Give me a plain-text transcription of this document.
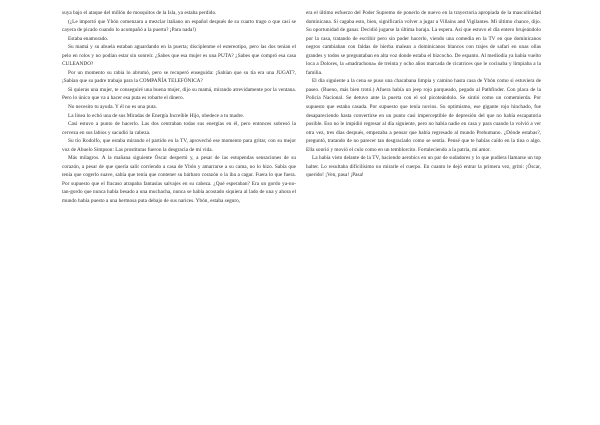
suya bajo el ataque del millón de mosquitos de la Isla, ya estaba perdido.

(¿Le importó que Ybón comenzara a mezclar italiano un español después de su cuarto trago o que casi se cayera de picado cuando lo acompañó a la puerta? ¡Para nada!)

Estaba enamorado.

Su mamá y su abuela estaban aguardando en la puerta; disciplenme el estereotipo, pero las dos tenían el pelo en rolos y no podían estar sin sonreír. ¿Sabes que esa mujer es una PUTA? ¿Sabes que compró esa casa CULEANDO?

Por un momento su rabia lo abrumó, pero se recuperó enseguida: ¡Sabían que su tía era una JUGAT?, ¡Sabían que su padre trabajo para la COMPAÑÍA TELEFÓNICA?

Si quieras una mujer, te conseguiré una buena mujer, dijo su mamá, mirando atrevidamente por la ventana. Pero lo único que va a hacer esa puta es robarte el dinero.

No necesito tu ayuda. Y él no es una puta.

La línea lo echó una de sus Miradas de Energía Increíble Hijo, obedece a tu madre.

Casi estuvo a punto de hacerlo. Las dos centraban todas sus energías en él, pero entonces sobresó la cerveza en sus labios y sacudió la cabeza.

Su tío Rodolfo, que estaba mirando el partido en la TV, aprovechó ese momento para gritar, con su mejor voz de Abuelo Simpson: Las prostitutas fueron la desgracia de mi vida.

Más milagros. A la mañana siguiente Óscar despertó y, a pesar de las estupendas sensaciones de su corazón, a pesar de que quería salir corriendo a casa de Ybón y amarrarse a su cama, no lo hizo. Sabía que tenía que cogerlo suave, sabía que tenía que contener su bárbaro corazón o la iba a cagar. Fuera lo que fuera. Por supuesto que el fracaso atrapaba fantasías salvajes en su cabeza. ¿Qué esperaban? Era un gordo ya-no-tan-gordo que nunca había besado a una muchacha, nunca se había acostado siquiera al lado de una y ahora el mundo había puesto a una hermosa puta debajo de sus narices. Ybón, estaba seguro,

era el último esfuerzo del Poder Supremo de ponerlo de nuevo en la trayectoria apropiada de la masculinidad dominicana. Si cagaba esto, bien, significaría volver a jugar a Villains and Vigilantes. Mi último chance, dijo. Su oportunidad de ganar. Decidió jugarse la última baraja. La espera. Así que estuvo el día entero brujeándolo por la casa, tratando de escribir pero sin poder hacerlo, viendo una comedia en la TV en que dominicanos negros cambiaban con faldas de hierba malean a dominicanos blancos con trajes de safari en unas ollas grandes y todos se preguntaban en alta voz donde estaba el bizcocho. De espanto. Al mediodía ya había vuelto loca a Dolores, la «madrachona» de treinta y ocho años marcada de cicatrices que le cocinaba y limpiaba a la familia.

El día siguiente a la cena se puso una chacabana limpia y camino hasta casa de Ybón como si estuviera de paseo. (Bueno, más bien trotó.) Afuera había un jeep rojo parqueado, pegado al Pathfinder. Con placa de la Policía Nacional. Se detuvo ante la puerta con el sol picoteándolo. Se sintió como un comemierda. Por supuesto que estaba casada. Por supuesto que tenía novios. Su optimismo, ese gigante rojo hinchado, fue desapareciendo hasta convertirse en un punto casi imperceptible de depresión del que no había escapatoria posible. Eso no le impidió regresar al día siguiente, pero no había nadie en casa y para cuando la volvió a ver otra vez, tres días después, empezaba a pensar que había regresado al mundo Prehumano. ¿Dónde estabas?, preguntó, tratando de no parecer tan desgraciado como se sentía. Pensé que te habías caído en la tina o algo. Ella sonrió y movió el culo como en un temblorcito. Fortaleciendo a la patria, mi amor.

La había visto delante de la TV, haciendo aerobics en un par de sudadores y lo que pudiera llamarse un top halter. Lo resultaba dificilísimo no mirarle el cuerpo. En cuanto le dejó entrar la primera vez, gritó: ¡Óscar, querido! ¡Ven, pasa! ¡Pasa!
